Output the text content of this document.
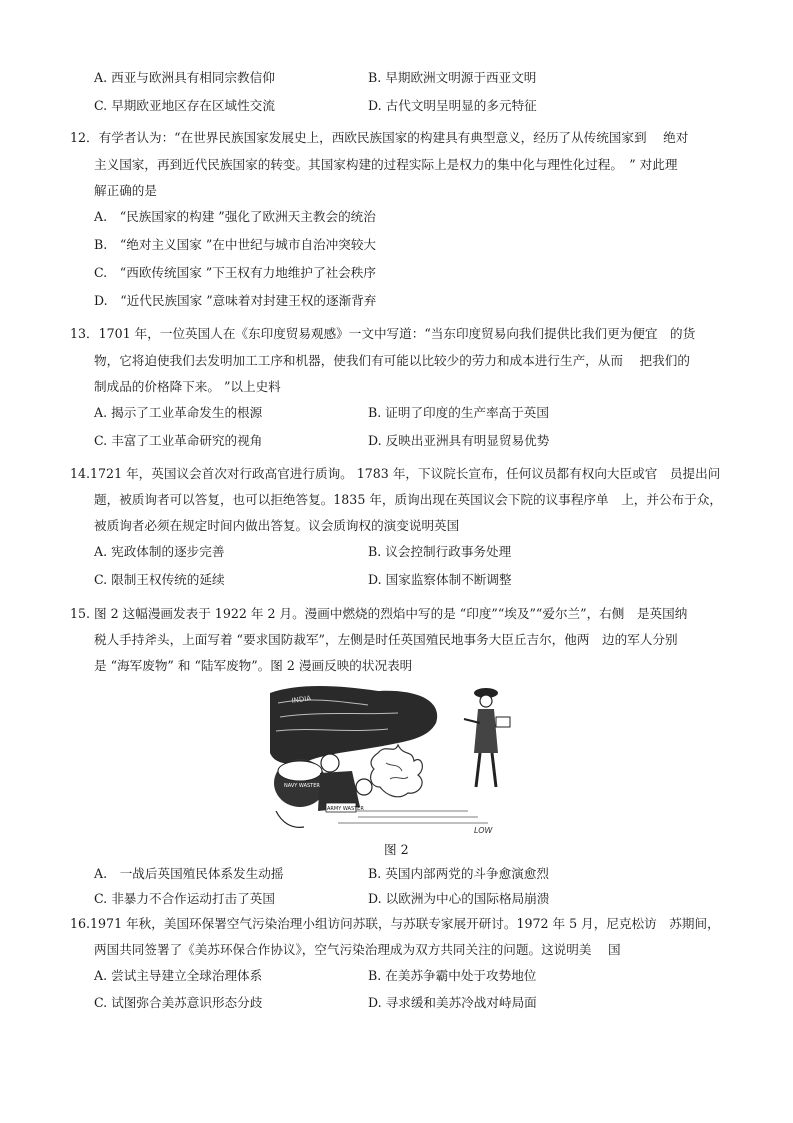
A. 西亚与欧洲具有相同宗教信仰	B. 早期欧洲文明源于西亚文明
C. 早期欧亚地区存在区域性交流	D. 古代文明呈明显的多元特征
12．有学者认为：“在世界民族国家发展史上，西欧民族国家的构建具有典型意义，经历了从传统国家到　 绝对
主义国家，再到近代民族国家的转变。其国家构建的过程实际上是权力的集中化与理性化过程。　” 对此理
解正确的是
A.　“民族国家的构建 ”强化了欧洲天主教会的统治
B.　“绝对主义国家 ”在中世纪与城市自治冲突较大
C.　“西欧传统国家 ”下王权有力地维护了社会秩序
D.　“近代民族国家 ”意味着对封建王权的逐渐背弃
13．1701 年，一位英国人在《东印度贸易观感》一文中写道：“当东印度贸易向我们提供比我们更为便宜　的货
物，它将迫使我们去发明加工工序和机器，使我们有可能以比较少的劳力和成本进行生产，从而　 把我们的
制成品的价格降下来。 ”以上史料
A. 揭示了工业革命发生的根源	B. 证明了印度的生产率高于英国
C. 丰富了工业革命研究的视角	D. 反映出亚洲具有明显贸易优势
14.1721 年，英国议会首次对行政高官进行质询。 1783 年，下议院长宣布，任何议员都有权向大臣或官　员提出问
题，被质询者可以答复，也可以拒绝答复。1835 年，质询出现在英国议会下院的议事程序单　上，并公布于众，
被质询者必须在规定时间内做出答复。议会质询权的演变说明英国
A. 宪政体制的逐步完善	B. 议会控制行政事务处理
C. 限制王权传统的延续	D. 国家监察体制不断调整
15. 图 2 这幅漫画发表于 1922 年 2 月。漫画中燃烧的烈焰中写的是 “印度”“埃及”“爱尔兰”，右侧　是英国纳
税人手持斧头，上面写着 “要求国防裁军”，左侧是时任英国殖民地事务大臣丘吉尔，他两　边的军人分别
是 “海军废物” 和 “陆军废物”。图 2 漫画反映的状况表明
INDIA
NAVY WASTER
ARMY WASTER
LOW
图 2
A.　一战后英国殖民体系发生动摇	B. 英国内部两党的斗争愈演愈烈
C. 非暴力不合作运动打击了英国	D. 以欧洲为中心的国际格局崩溃
16.1971 年秋，美国环保署空气污染治理小组访问苏联，与苏联专家展开研讨。1972 年 5 月，尼克松访　苏期间，
两国共同签署了《美苏环保合作协议》，空气污染治理成为双方共同关注的问题。这说明美　 国
A. 尝试主导建立全球治理体系	B. 在美苏争霸中处于攻势地位
C. 试图弥合美苏意识形态分歧	D. 寻求缓和美苏冷战对峙局面
